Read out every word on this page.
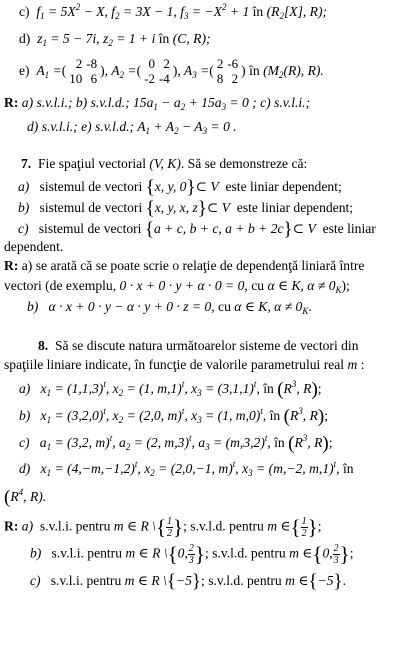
c) $f_1 = 5X^2 - X$, $f_2 = 3X - 1$, $f_3 = -X^2 + 1$ în ($R_2[X]$, R);
d) $z_1 = 5 - 7i$, $z_2 = 1 + i$ în (C, R);
e) $A_1$ = ( 2	-8
10	6
) , $A_2$ = ( 0	2
-2	-4
) , $A_3$ = ( 2	-6
8	2
)
în
($M_2(R)$, R).
R: a) s.v.l.i.; b) s.v.l.d.; $15a_1 - a_2 + 15a_3 = 0$ ; c) s.v.l.i.;
d) s.v.l.i.; e) s.v.l.d.; $A_1 + A_2 - A_3 = 0$ .
7. Fie spaţiul vectorial (V, K). Să se demonstreze că:
a) sistemul de vectori {x, y, 0}⊂ V este liniar dependent;
b) sistemul de vectori {x, y, x, z}⊂ V este liniar dependent;
c) sistemul de vectori {a + c, b + c, a + b + 2c}⊂ V este liniar
dependent.
R: a) se arată că se poate scrie o relaţie de dependenţă liniară între
vectori (de exemplu, 0 · x + 0 · y + α · 0 = 0, cu α ∈ K, $\alpha \ne 0_K$);
b) α · x + 0 · y − α · y + 0 · z = 0, cu α ∈ K, $\alpha \ne 0_K$.
8. Să se discute natura următoarelor sisteme de vectori din
spaţiile liniare indicate, în funcţie de valorile parametrului real m :
a) $x_1 = (1,1,3)^t$, $x_2 = (1$, m,1)$^t$, $x_3 = (3,1,1)^t$, în ($R^3$, R);
b) $x_1 = (3,2,0)^t$, $x_2 = (2,0$, m)$^t$, $x_3 = (1$, m,0)$^t$, în ($R^3$, R);
c) $a_1 = (3,2$, m)$^t$, $a_2 = (2$, m,3)$^t$, $a_3 = (m,3,2)^t$, în ($R^3$, R);
d) $x_1 = (4,-m,-1,2)^t$, $x_2 = (2,0,-1$, m)$^t$, $x_3 = (m,-2$, m,1)$^t$, în
($R^4$, R).
R: a) s.v.l.i. pentru m ∈ R \{ $\frac{1}{2}$ }; s.v.l.d. pentru m ∈{ $\frac{1}{2}$ };
b) s.v.l.i. pentru m ∈ R \{0, $\frac{2}{3}$ }; s.v.l.d. pentru m ∈{0, $\frac{2}{3}$ };
c) s.v.l.i. pentru m ∈ R \{−5}; s.v.l.d. pentru m ∈{−5}.
